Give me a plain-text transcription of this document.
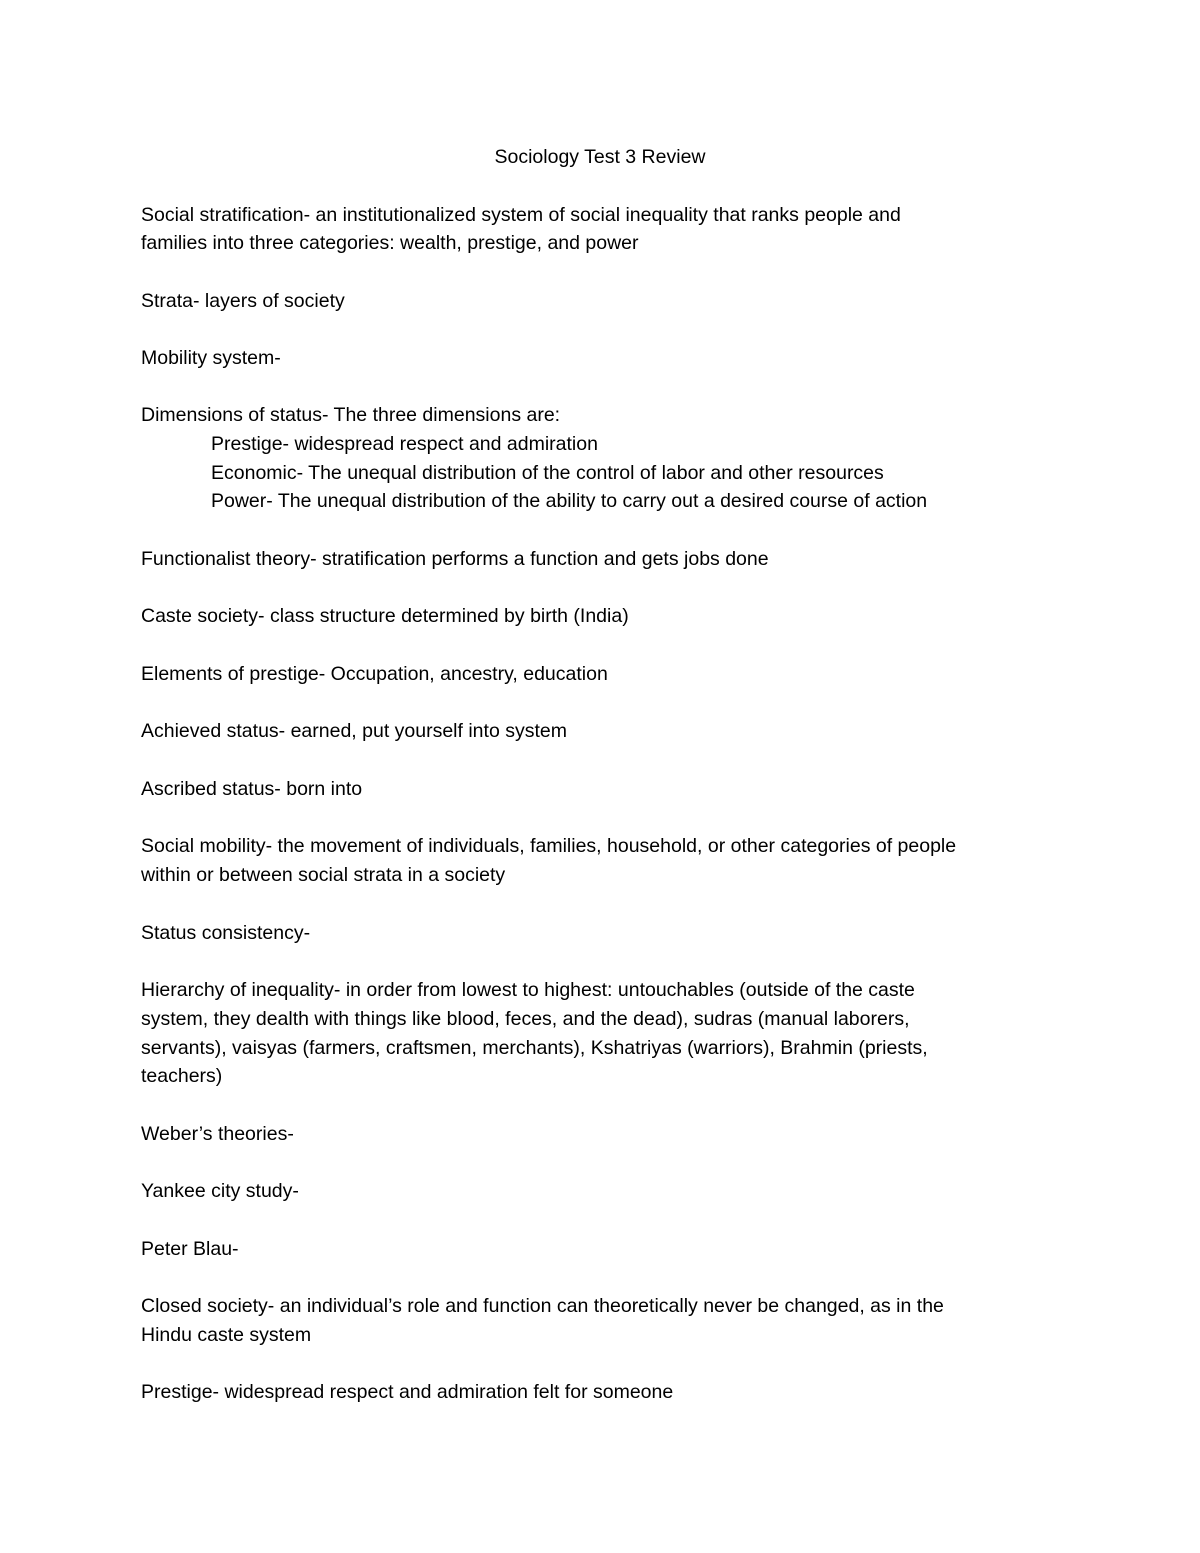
Sociology Test 3 Review

Social stratification- an institutionalized system of social inequality that ranks people and

families into three categories: wealth, prestige, and power

Strata- layers of society

Mobility system-

Dimensions of status- The three dimensions are:

Prestige- widespread respect and admiration

Economic- The unequal distribution of the control of labor and other resources

Power- The unequal distribution of the ability to carry out a desired course of action

Functionalist theory- stratification performs a function and gets jobs done

Caste society- class structure determined by birth (India)

Elements of prestige- Occupation, ancestry, education

Achieved status- earned, put yourself into system

Ascribed status- born into

Social mobility- the movement of individuals, families, household, or other categories of people

within or between social strata in a society

Status consistency-

Hierarchy of inequality- in order from lowest to highest: untouchables (outside of the caste

system, they dealth with things like blood, feces, and the dead), sudras (manual laborers,

servants), vaisyas (farmers, craftsmen, merchants), Kshatriyas (warriors), Brahmin (priests,

teachers)

Weber’s theories-

Yankee city study-

Peter Blau-

Closed society- an individual’s role and function can theoretically never be changed, as in the

Hindu caste system

Prestige- widespread respect and admiration felt for someone
